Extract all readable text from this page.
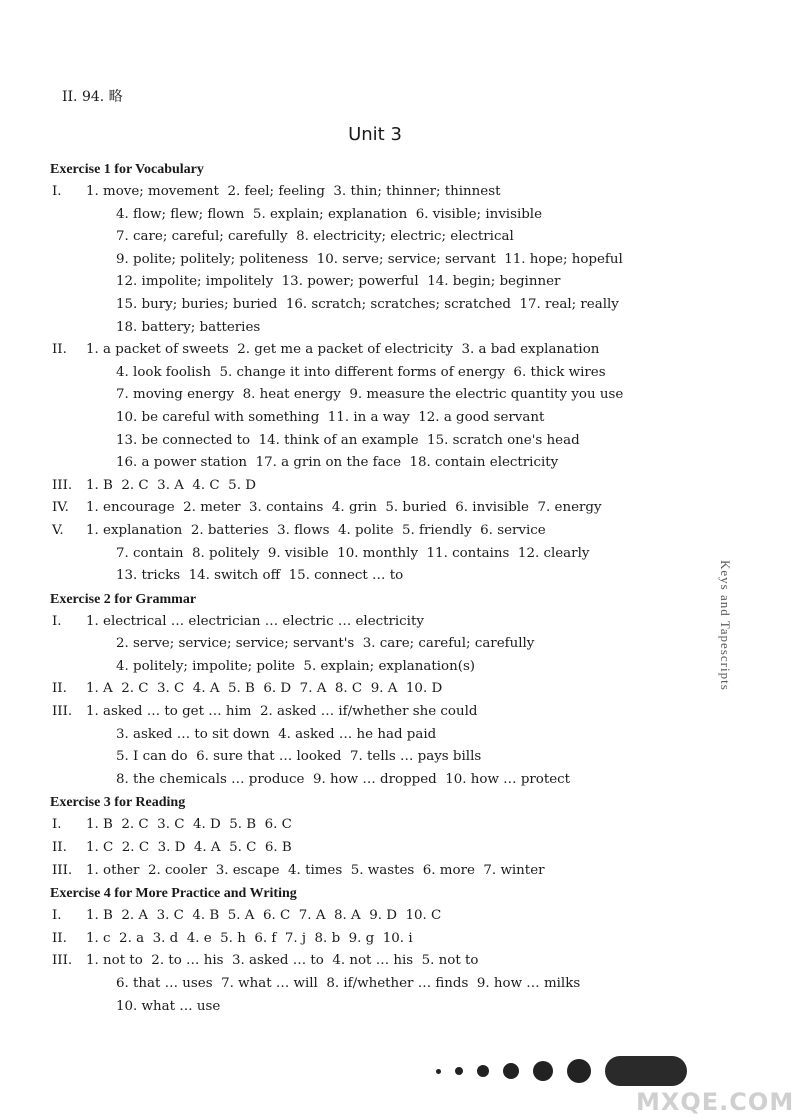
II. 94. 略
Unit 3
Exercise 1 for Vocabulary
I.	1. move; movement  2. feel; feeling  3. thin; thinner; thinnest
4. flow; flew; flown  5. explain; explanation  6. visible; invisible
7. care; careful; carefully  8. electricity; electric; electrical
9. polite; politely; politeness  10. serve; service; servant  11. hope; hopeful
12. impolite; impolitely  13. power; powerful  14. begin; beginner
15. bury; buries; buried  16. scratch; scratches; scratched  17. real; really
18. battery; batteries
II.	1. a packet of sweets  2. get me a packet of electricity  3. a bad explanation
4. look foolish  5. change it into different forms of energy  6. thick wires
7. moving energy  8. heat energy  9. measure the electric quantity you use
10. be careful with something  11. in a way  12. a good servant
13. be connected to  14. think of an example  15. scratch one's head
16. a power station  17. a grin on the face  18. contain electricity
III.	1. B  2. C  3. A  4. C  5. D
IV.	1. encourage  2. meter  3. contains  4. grin  5. buried  6. invisible  7. energy
V.	1. explanation  2. batteries  3. flows  4. polite  5. friendly  6. service
7. contain  8. politely  9. visible  10. monthly  11. contains  12. clearly
13. tricks  14. switch off  15. connect … to
Exercise 2 for Grammar
I.	1. electrical … electrician … electric … electricity
2. serve; service; service; servant's  3. care; careful; carefully
4. politely; impolite; polite  5. explain; explanation(s)
II.	1. A  2. C  3. C  4. A  5. B  6. D  7. A  8. C  9. A  10. D
III.	1. asked … to get … him  2. asked … if/whether she could
3. asked … to sit down  4. asked … he had paid
5. I can do  6. sure that … looked  7. tells … pays bills
8. the chemicals … produce  9. how … dropped  10. how … protect
Exercise 3 for Reading
I.	1. B  2. C  3. C  4. D  5. B  6. C
II.	1. C  2. C  3. D  4. A  5. C  6. B
III.	1. other  2. cooler  3. escape  4. times  5. wastes  6. more  7. winter
Exercise 4 for More Practice and Writing
I.	1. B  2. A  3. C  4. B  5. A  6. C  7. A  8. A  9. D  10. C
II.	1. c  2. a  3. d  4. e  5. h  6. f  7. j  8. b  9. g  10. i
III.	1. not to  2. to … his  3. asked … to  4. not … his  5. not to
6. that … uses  7. what … will  8. if/whether … finds  9. how … milks
10. what … use
Keys and Tapescripts
MXQE.COM
